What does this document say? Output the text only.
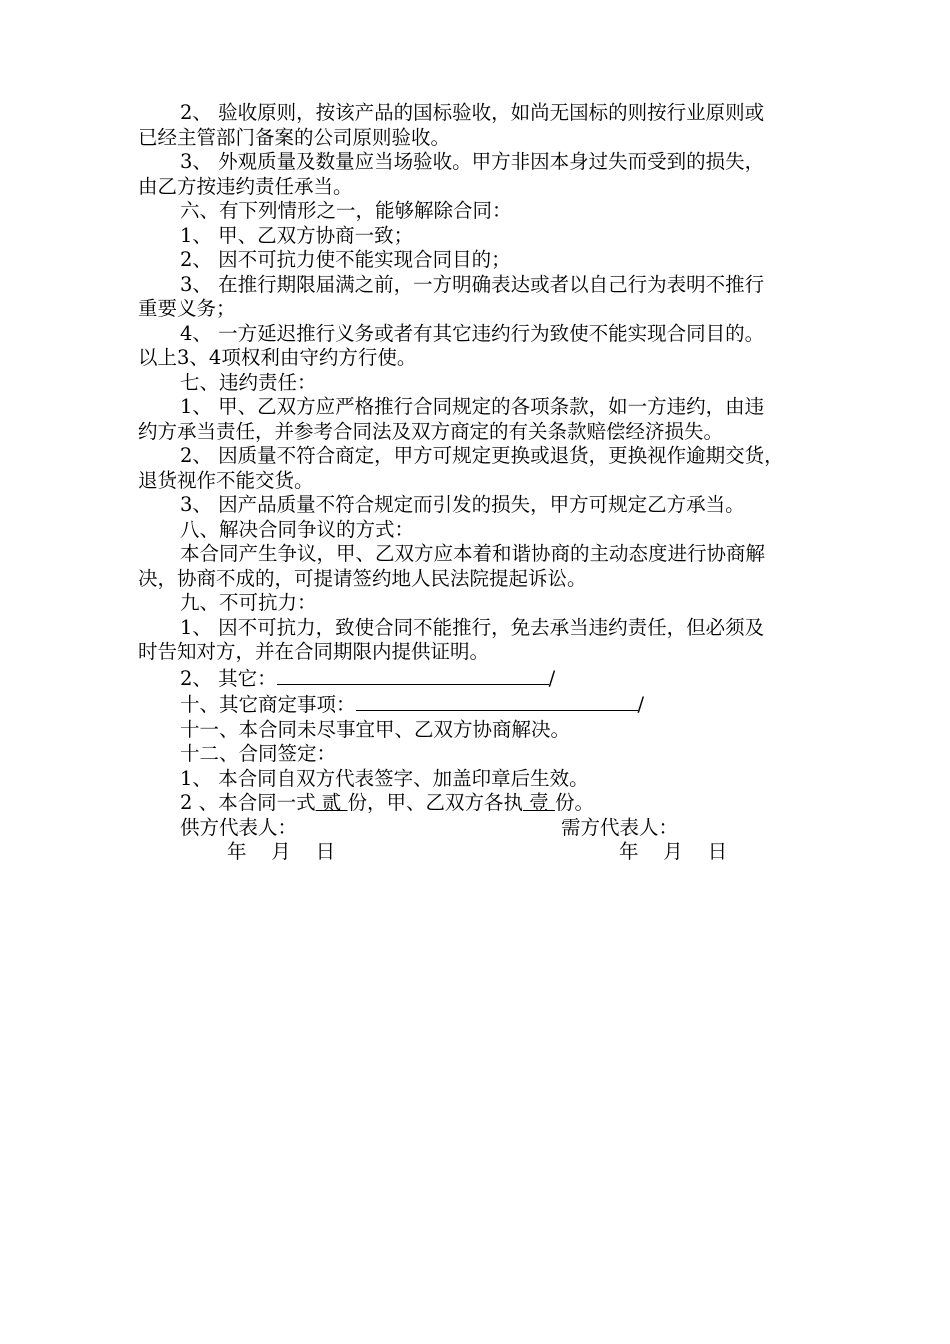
2、 验收原则，按该产品的国标验收，如尚无国标的则按行业原则或

已经主管部门备案的公司原则验收。

3、 外观质量及数量应当场验收。甲方非因本身过失而受到的损失，

由乙方按违约责任承当。

六、有下列情形之一，能够解除合同：

1、 甲、乙双方协商一致；

2、 因不可抗力使不能实现合同目的；

3、 在推行期限届满之前，一方明确表达或者以自己行为表明不推行

重要义务；

4、 一方延迟推行义务或者有其它违约行为致使不能实现合同目的。

以上3、4项权利由守约方行使。

七、违约责任：

1、 甲、乙双方应严格推行合同规定的各项条款，如一方违约，由违

约方承当责任，并参考合同法及双方商定的有关条款赔偿经济损失。

2、 因质量不符合商定，甲方可规定更换或退货，更换视作逾期交货，

退货视作不能交货。

3、 因产品质量不符合规定而引发的损失，甲方可规定乙方承当。

八、解决合同争议的方式：

本合同产生争议，甲、乙双方应本着和谐协商的主动态度进行协商解

决，协商不成的，可提请签约地人民法院提起诉讼。

九、不可抗力：

1、 因不可抗力，致使合同不能推行，免去承当违约责任，但必须及

时告知对方，并在合同期限内提供证明。

2、 其它：	/

十、其它商定事项：	/

十一、本合同未尽事宜甲、乙双方协商解决。

十二、合同签定：

1、 本合同自双方代表签字、加盖印章后生效。

2 、本合同一式 贰 份，甲、乙双方各执 壹 份。

供方代表人：	需方代表人：
年    月    日	年    月    日
